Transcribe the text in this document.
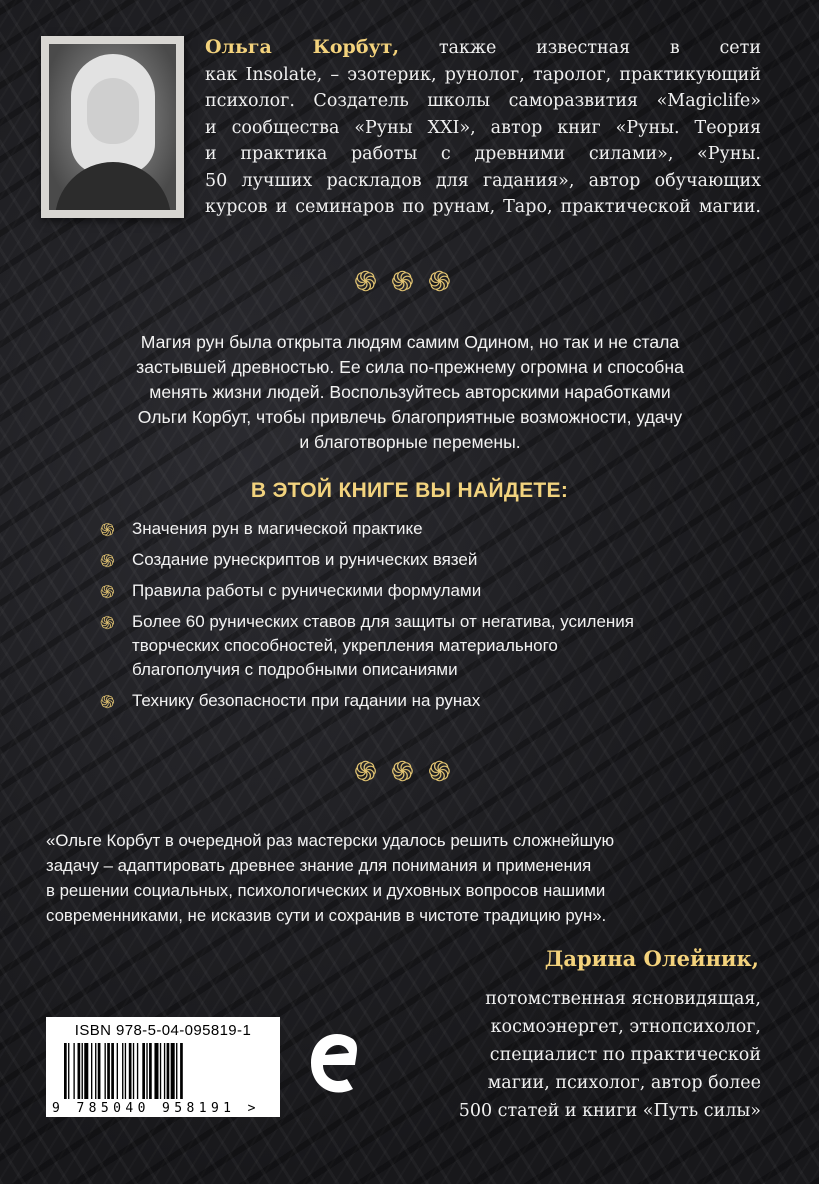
Ольга Корбут, также известная в сети
как Insolate, – эзотерик, рунолог, таролог, практикующий
психолог. Создатель школы саморазвития «Magiclife»
и сообщества «Руны XXI», автор книг «Руны. Теория
и практика работы с древними силами», «Руны.
50 лучших раскладов для гадания», автор обучающих
курсов и семинаров по рунам, Таро, практической магии.
֍֍֍
Магия рун была открыта людям самим Одином, но так и не стала
застывшей древностью. Ее сила по-прежнему огромна и способна
менять жизни людей. Воспользуйтесь авторскими наработками
Ольги Корбут, чтобы привлечь благоприятные возможности, удачу
и благотворные перемены.
В ЭТОЙ КНИГЕ ВЫ НАЙДЕТЕ:
֍ Значения рун в магической практике
֍ Создание рунескриптов и рунических вязей
֍ Правила работы с руническими формулами
֍ Более 60 рунических ставов для защиты от негатива, усиления
творческих способностей, укрепления материального
благополучия с подробными описаниями
֍ Технику безопасности при гадании на рунах
֍֍֍
«Ольге Корбут в очередной раз мастерски удалось решить сложнейшую
задачу – адаптировать древнее знание для понимания и применения
в решении социальных, психологических и духовных вопросов нашими
современниками, не исказив сути и сохранив в чистоте традицию рун».
Дарина Олейник,
потомственная ясновидящая,
космоэнергет, этнопсихолог,
специалист по практической
магии, психолог, автор более
500 статей и книги «Путь силы»
ISBN 978-5-04-095819-1
9 785040 958191 >
